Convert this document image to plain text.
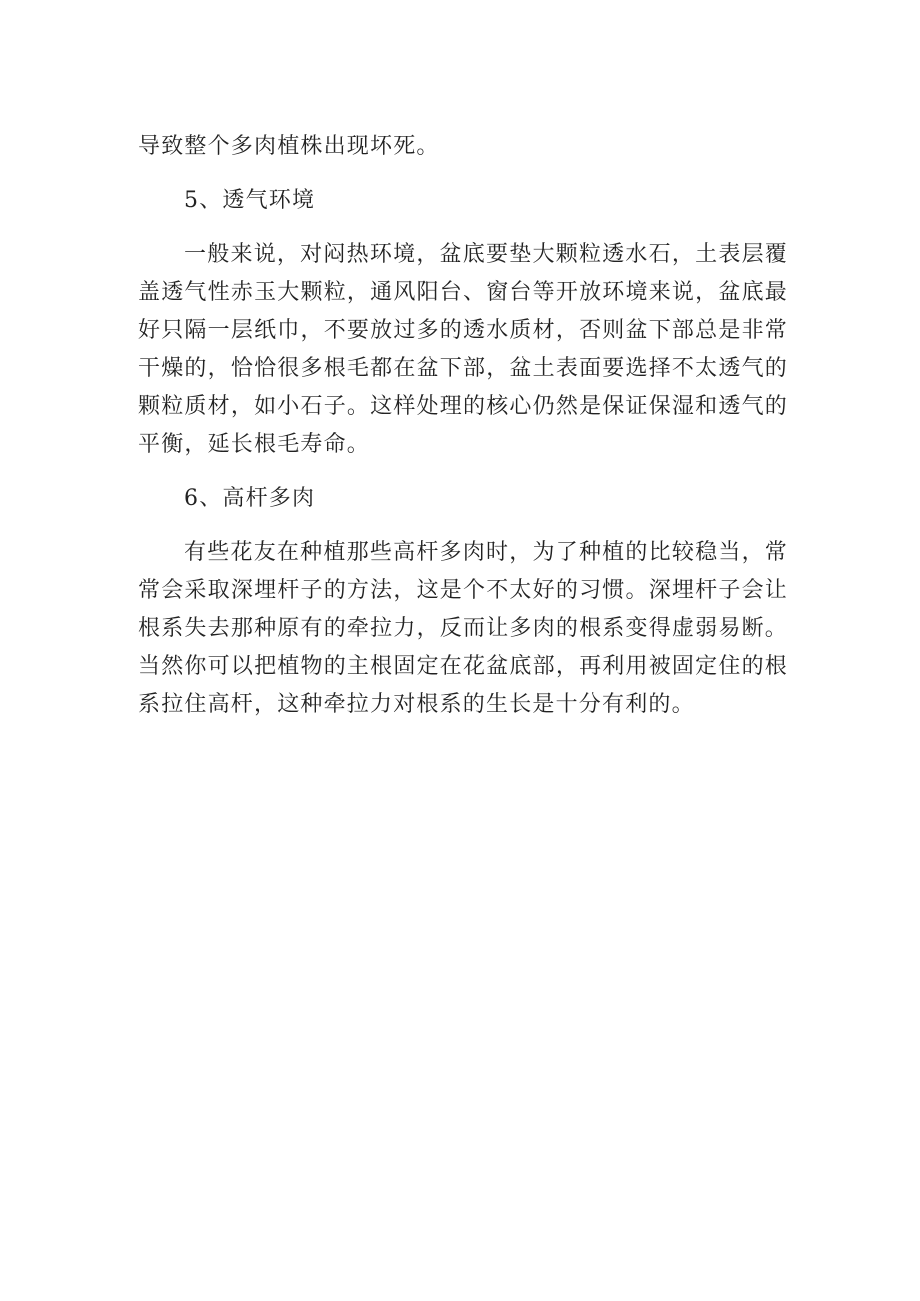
导致整个多肉植株出现坏死。

5、透气环境

一般来说，对闷热环境，盆底要垫大颗粒透水石，土表层覆盖透气性赤玉大颗粒，通风阳台、窗台等开放环境来说，盆底最好只隔一层纸巾，不要放过多的透水质材，否则盆下部总是非常干燥的，恰恰很多根毛都在盆下部，盆土表面要选择不太透气的颗粒质材，如小石子。这样处理的核心仍然是保证保湿和透气的平衡，延长根毛寿命。

6、高杆多肉

有些花友在种植那些高杆多肉时，为了种植的比较稳当，常常会采取深埋杆子的方法，这是个不太好的习惯。深埋杆子会让根系失去那种原有的牵拉力，反而让多肉的根系变得虚弱易断。当然你可以把植物的主根固定在花盆底部，再利用被固定住的根系拉住高杆，这种牵拉力对根系的生长是十分有利的。
